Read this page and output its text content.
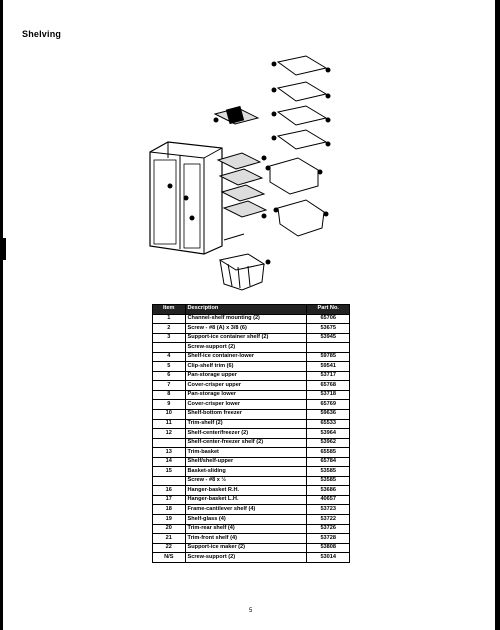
Shelving
Item	Description	Part No.
1	Channel-shelf mounting (2)	65706
2	Screw - #8 (A) x 3/8 (6)	53675
3	Support-ice container shelf (2)	53945
	Screw-support (2)	
4	Shelf-ice container-lower	59785
5	Clip-shelf trim (6)	59541
6	Pan-storage upper	53717
7	Cover-crisper upper	65768
8	Pan-storage lower	53718
9	Cover-crisper lower	65769
10	Shelf-bottom freezer	59636
11	Trim-shelf (2)	65533
12	Shelf-center/freezer (2)	53964
	Shelf-center-freezer shelf (2)	53962
13	Trim-basket	65585
14	Shelf/shelf-upper	65784
15	Basket-sliding	53585
	Screw - #8 x ½	53585
16	Hanger-basket R.H.	53686
17	Hanger-basket L.H.	40657
18	Frame-cantilever shelf (4)	53723
19	Shelf-glass (4)	53722
20	Trim-rear shelf (4)	53726
21	Trim-front shelf (4)	53728
22	Support-ice maker (2)	53808
N/S	Screw-support (2)	53014
5
